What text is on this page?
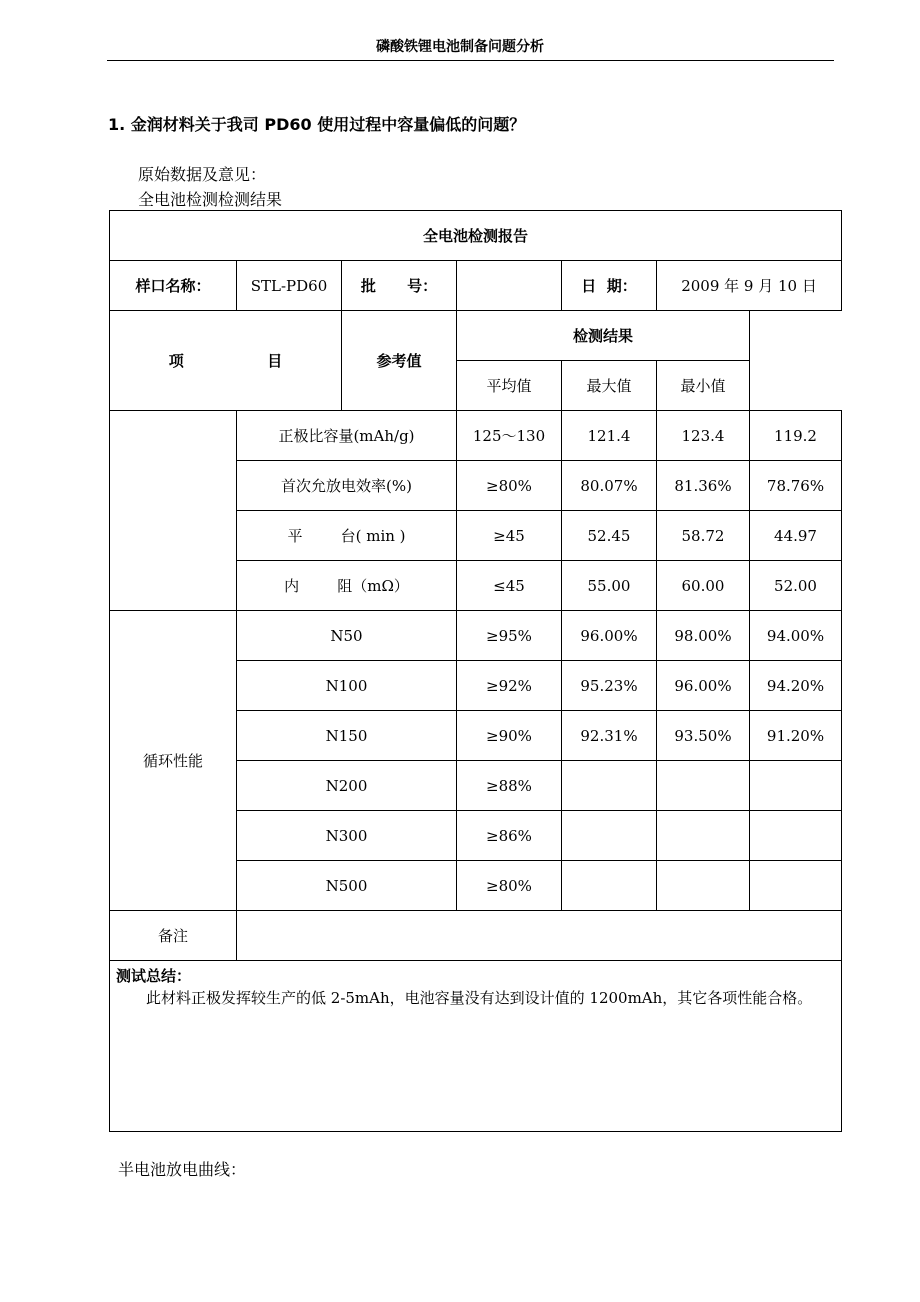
磷酸铁锂电池制备问题分析
1. 金润材料关于我司 PD60 使用过程中容量偏低的问题？
原始数据及意见：
全电池检测检测结果
全电池检测报告						
样口名称：	STL-PD60	批      号：		日  期：	2009 年 9 月 10 日	
项                目		参考值	检测结果			
			平均值	最大值	最小值	
	正极比容量(mAh/g)		125～130	121.4	123.4	119.2
	首次允放电效率(%)		≥80%	80.07%	81.36%	78.76%
	平        台( min )		≥45	52.45	58.72	44.97
	内        阻（mΩ）		≤45	55.00	60.00	52.00
循环性能	N50		≥95%	96.00%	98.00%	94.00%
	N100		≥92%	95.23%	96.00%	94.20%
	N150		≥90%	92.31%	93.50%	91.20%
	N200		≥88%			
	N300		≥86%			
	N500		≥80%			
备注						

测试总结：
此材料正极发挥较生产的低 2-5mAh，电池容量没有达到设计值的 1200mAh，其它各项性能合格。						
半电池放电曲线：
